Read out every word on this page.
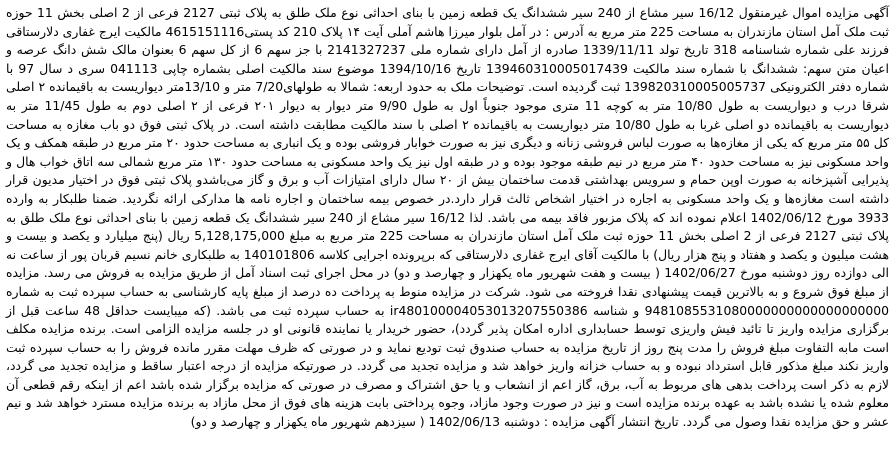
آگهی مزایده اموال غیرمنقول 16/12 سیر مشاع از 240 سیر ششدانگ یک قطعه زمین با بنای احداثی نوع ملک طلق به پلاک ثبتی 2127 فرعی از 2 اصلی بخش 11 حوزه ثبت ملک آمل استان مازندران به مساحت 225 متر مربع به آدرس : در آمل بلوار میرزا هاشم آملی آیت ۱۴ پلاک 210 کد پستی4615151116 مالکیت ایرج غفاری دلارستاقی فرزند علی شماره شناسنامه 318 تاریخ تولد 1339/11/11 صادره از آمل دارای شماره ملی 2141327237 با جز سهم 6 از کل سهم 6 بعنوان مالک شش دانگ عرصه و اعیان متن سهم: ششدانگ با شماره سند مالکیت 139460310005017439 تاریخ 1394/10/16 موضوع سند مالکیت اصلی بشماره چاپی 041113 سری د سال 97 با شماره دفتر الکترونیکی 139820310005005737 ثبت گردیده است. توضیحات ملک به حدود اربعه: شمالا به طولهای7/20 متر و 13/10متر دیواریست به باقیمانده ۲ اصلی شرقا درب و دیواریست به طول 10/80 متر به کوچه 11 متری موجود جنوباً اول به طول 9/90 متر دیوار به دیوار ۲۰۱ فرعی از ۲ اصلی دوم به طول 11/45 متر به دیواریست به باقیمانده دو اصلی غربا به طول 10/80 متر دیواریست به باقیمانده ۲ اصلی با سند مالکیت مطابقت داشته است. در پلاک ثبتی فوق دو باب مغازه به مساحت کل ۵۵ متر مربع که یکی از مغازه‌ها به صورت لباس فروشی زنانه و دیگری نیز به صورت خوابار فروشی بوده و یک انباری به مساحت حدود ۲۰ متر مربع در طبقه همکف و یک واحد مسکونی نیز به مساحت حدود ۴۰ متر مربع در نیم طبقه موجود بوده و در طبقه اول نیز یک واحد مسکونی به مساحت حدود ۱۳۰ متر مربع شمالی سه اتاق خواب هال و پذیرایی آشپزخانه به صورت اوپن حمام و سرویس بهداشتی قدمت ساختمان بیش از ۲۰ سال دارای امتیازات آب و برق و گاز می‌باشدو پلاک ثبتی فوق در اختیار مدیون قرار داشته است مغازه‌ها و یک واحد مسکونی به اجاره در اختیار اشخاص ثالث قرار دارد.در خصوص بیمه ساختمان و اجاره نامه ها مدارکی ارائه نگردید. ضمنا طلبکار به وارده 3933 مورخ 1402/06/12 اعلام نموده اند که پلاک مزبور فاقد بیمه می باشد. لذا 16/12 سیر مشاع از 240 سیر ششدانگ یک قطعه زمین با بنای احداثی نوع ملک طلق به پلاک ثبتی 2127 فرعی از 2 اصلی بخش 11 حوزه ثبت ملک آمل استان مازندران به مساحت 225 متر مربع به مبلغ 5,128,175,000 ریال (پنج میلیارد و یکصد و بیست و هشت میلیون و یکصد و هفتاد و پنج هزار ریال) با مالکیت آقای ایرج غفاری دلارستاقی که برپرونده اجرایی کلاسه 140101806 به طلبکاری خانم نسیم قربان پور از ساعت نه الی دوازده روز دوشنبه مورخ 1402/06/27 ( بیست و هفت شهریور ماه یکهزار و چهارصد و دو) در محل اجرای ثبت اسناد آمل از طریق مزایده به فروش می رسد. مزایده از مبلغ فوق شروع و به بالاترین قیمت پیشنهادی نقدا فروخته می شود. شرکت در مزایده منوط به پرداخت ده درصد از مبلغ پایه کارشناسی به حساب سپرده ثبت به شماره 9481085531080000000000000000000 و شناسه ir480100004053013207550386 به حساب سپرده ثبت می باشد. (که میبایست حداقل 48 ساعت قبل از برگزاری مزایده واریز تا تائید فیش واریزی توسط حسابداری اداره امکان پذیر گردد)، حضور خریدار یا نماینده قانونی او در جلسه مزایده الزامی است. برنده مزایده مکلف است مابه التفاوت مبلغ فروش را مدت پنج روز از تاریخ مزایده به حساب صندوق ثبت تودیع نماید و در صورتی که ظرف مهلت مقرر مانده فروش را به حساب سپرده ثبت واریز نکند مبلغ مذکور قابل استرداد نبوده و به حساب خزانه واریز خواهد شد و مزایده تجدید می گردد. در صورتیکه مزایده از درجه اعتبار ساقط و مزایده تجدید می گردد، لازم به ذکر است پرداخت بدهی های مربوط به آب، برق، گاز اعم از انشعاب و یا حق اشتراک و مصرف در صورتی که مزایده برگزار شده باشد اعم از اینکه رقم قطعی آن معلوم شده یا نشده باشد به عهده برنده مزایده است و نیز در صورت وجود مازاد، وجوه پرداختی بابت هزینه های فوق از محل مازاد به برنده مزایده مسترد خواهد شد و نیم عشر و حق مزایده نقدا وصول می گردد. تاریخ انتشار آگهی مزایده : دوشنبه 1402/06/13 ( سیزدهم شهریور ماه یکهزار و چهارصد و دو)
